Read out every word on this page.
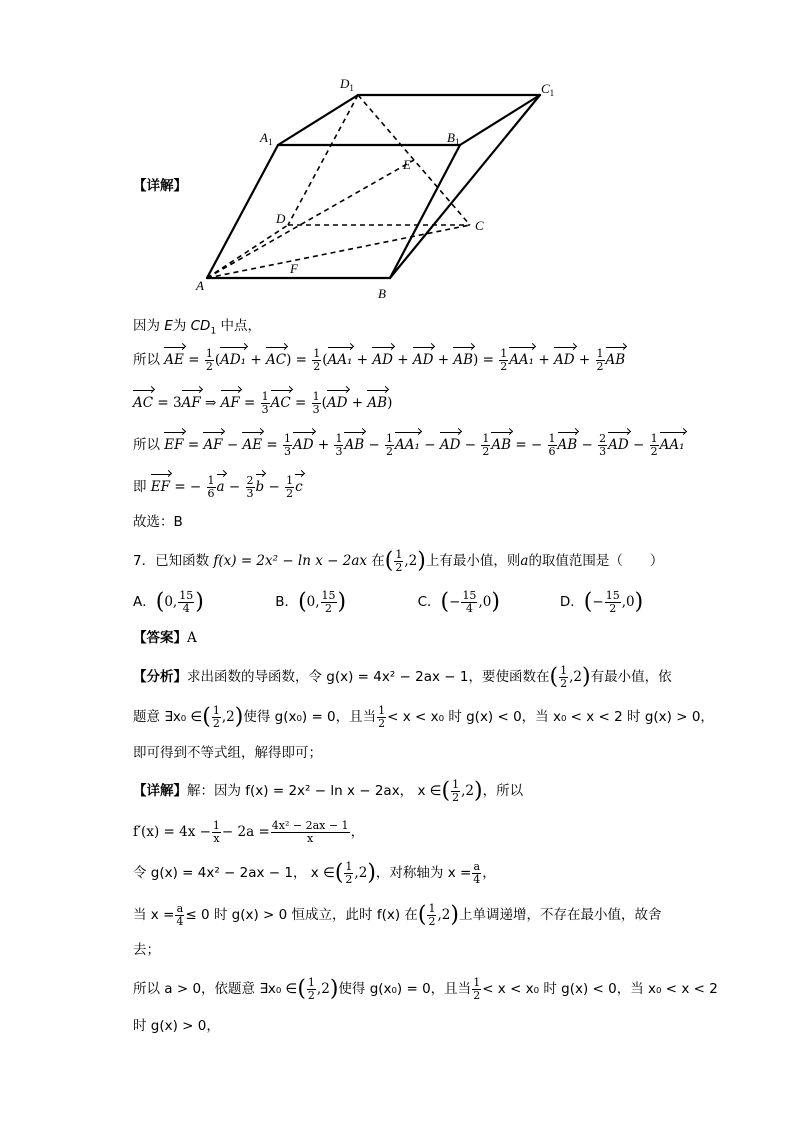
$D_1$	$C_1$
$A_1$	$B_1$
E
D	C
F
A
B
【详解】
因为 E为 $CD_1$ 中点，
所以 AE = $\frac{1}{2} (AD_1 + AC) = \frac{1}{2} (AA_1$ + AD + AD + $AB) = \frac{1}{2} AA_1$ + AD + $\frac{1}{2}$ AB
AC = 3AF ⇒ AF = $\frac{1}{3}$ AC = $\frac{1}{3} (AD + AB)$
所以 EF = AF − AE = $\frac{1}{3}$ AD + $\frac{1}{3}$ AB − $\frac{1}{2} AA_1$ − AD − $\frac{1}{2}$ AB = − $\frac{1}{6}$ AB − $\frac{2}{3}$ AD − $\frac{1}{2} AA_1$
即 EF = − $\frac{1}{6}$ $a - \frac{2}{3}$ $b - \frac{1}{2}$ c
故选：B
7．已知函数 f(x) = 2x² − ln x − 2ax 在( $\frac{1}{2} ,2$)上有最小值，则a的取值范围是（　　）
A．(0, $\frac{15}{4}$ )	B．(0, $\frac{15}{2}$ )	C．(− $\frac{15}{4} ,0$)	D．(− $\frac{15}{2} ,0$)
【答案】A
【分析】求出函数的导函数，令 g(x) = 4x² − 2ax − 1，要使函数在( $\frac{1}{2} ,2$)有最小值，依
题意 ∃x₀ ∈( $\frac{1}{2} ,2$)使得 g(x₀) = 0，且当 $\frac{1}{2} < x < x_0$ 时 g(x) < 0，当 x₀ < x < 2 时 g(x) > 0，
即可得到不等式组，解得即可；
【详解】解：因为 f(x) = 2x² − ln x − 2ax， x ∈( $\frac{1}{2} ,2$)，所以
$f'(x) = 4x - \frac{1}{x} - 2a = \frac{\text{4x² − 2ax − 1}}{x}$ ，
令 g(x) = 4x² − 2ax − 1， x ∈( $\frac{1}{2} ,2$)，对称轴为 $x = \frac{a}{4}$ ，
当 $x = \frac{a}{4} \le 0$ 时 g(x) > 0 恒成立，此时 f(x) 在( $\frac{1}{2} ,2$)上单调递增，不存在最小值，故舍
去；
所以 a > 0，依题意 ∃x₀ ∈( $\frac{1}{2} ,2$)使得 g(x₀) = 0，且当 $\frac{1}{2} < x < x_0$ 时 g(x) < 0，当 x₀ < x < 2
时 g(x) > 0，
